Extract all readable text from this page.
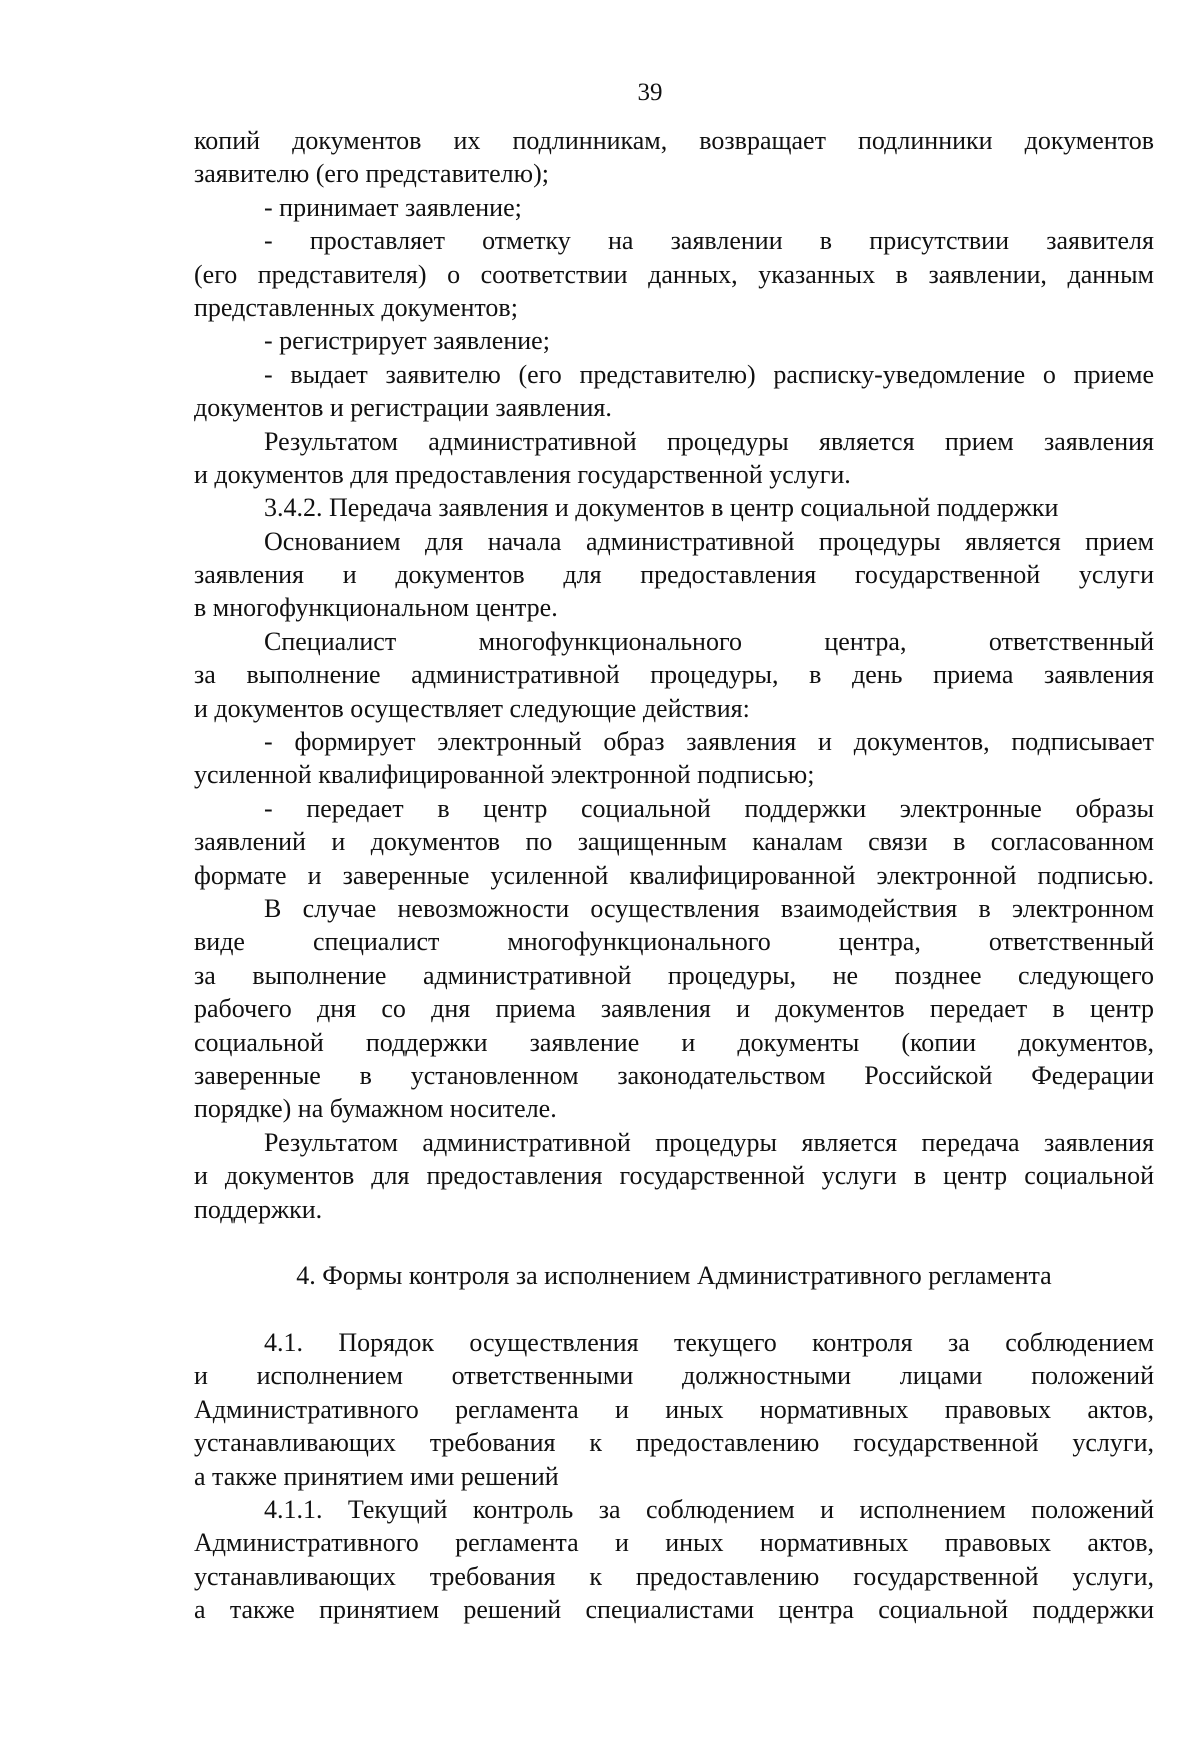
39
копий документов их подлинникам, возвращает подлинники документов
заявителю (его представителю);
- принимает заявление;
- проставляет отметку на заявлении в присутствии заявителя
(его представителя) о соответствии данных, указанных в заявлении, данным
представленных документов;
- регистрирует заявление;
- выдает заявителю (его представителю) расписку-уведомление о приеме
документов и регистрации заявления.
Результатом административной процедуры является прием заявления
и документов для предоставления государственной услуги.
3.4.2. Передача заявления и документов в центр социальной поддержки
Основанием для начала административной процедуры является прием
заявления и документов для предоставления государственной услуги
в многофункциональном центре.
Специалист многофункционального центра, ответственный
за выполнение административной процедуры, в день приема заявления
и документов осуществляет следующие действия:
- формирует электронный образ заявления и документов, подписывает
усиленной квалифицированной электронной подписью;
- передает в центр социальной поддержки электронные образы
заявлений и документов по защищенным каналам связи в согласованном
формате и заверенные усиленной квалифицированной электронной подписью.
В случае невозможности осуществления взаимодействия в электронном
виде специалист многофункционального центра, ответственный
за выполнение административной процедуры, не позднее следующего
рабочего дня со дня приема заявления и документов передает в центр
социальной поддержки заявление и документы (копии документов,
заверенные в установленном законодательством Российской Федерации
порядке) на бумажном носителе.
Результатом административной процедуры является передача заявления
и документов для предоставления государственной услуги в центр социальной
поддержки.
4. Формы контроля за исполнением Административного регламента
4.1. Порядок осуществления текущего контроля за соблюдением
и исполнением ответственными должностными лицами положений
Административного регламента и иных нормативных правовых актов,
устанавливающих требования к предоставлению государственной услуги,
а также принятием ими решений
4.1.1. Текущий контроль за соблюдением и исполнением положений
Административного регламента и иных нормативных правовых актов,
устанавливающих требования к предоставлению государственной услуги,
а также принятием решений специалистами центра социальной поддержки
